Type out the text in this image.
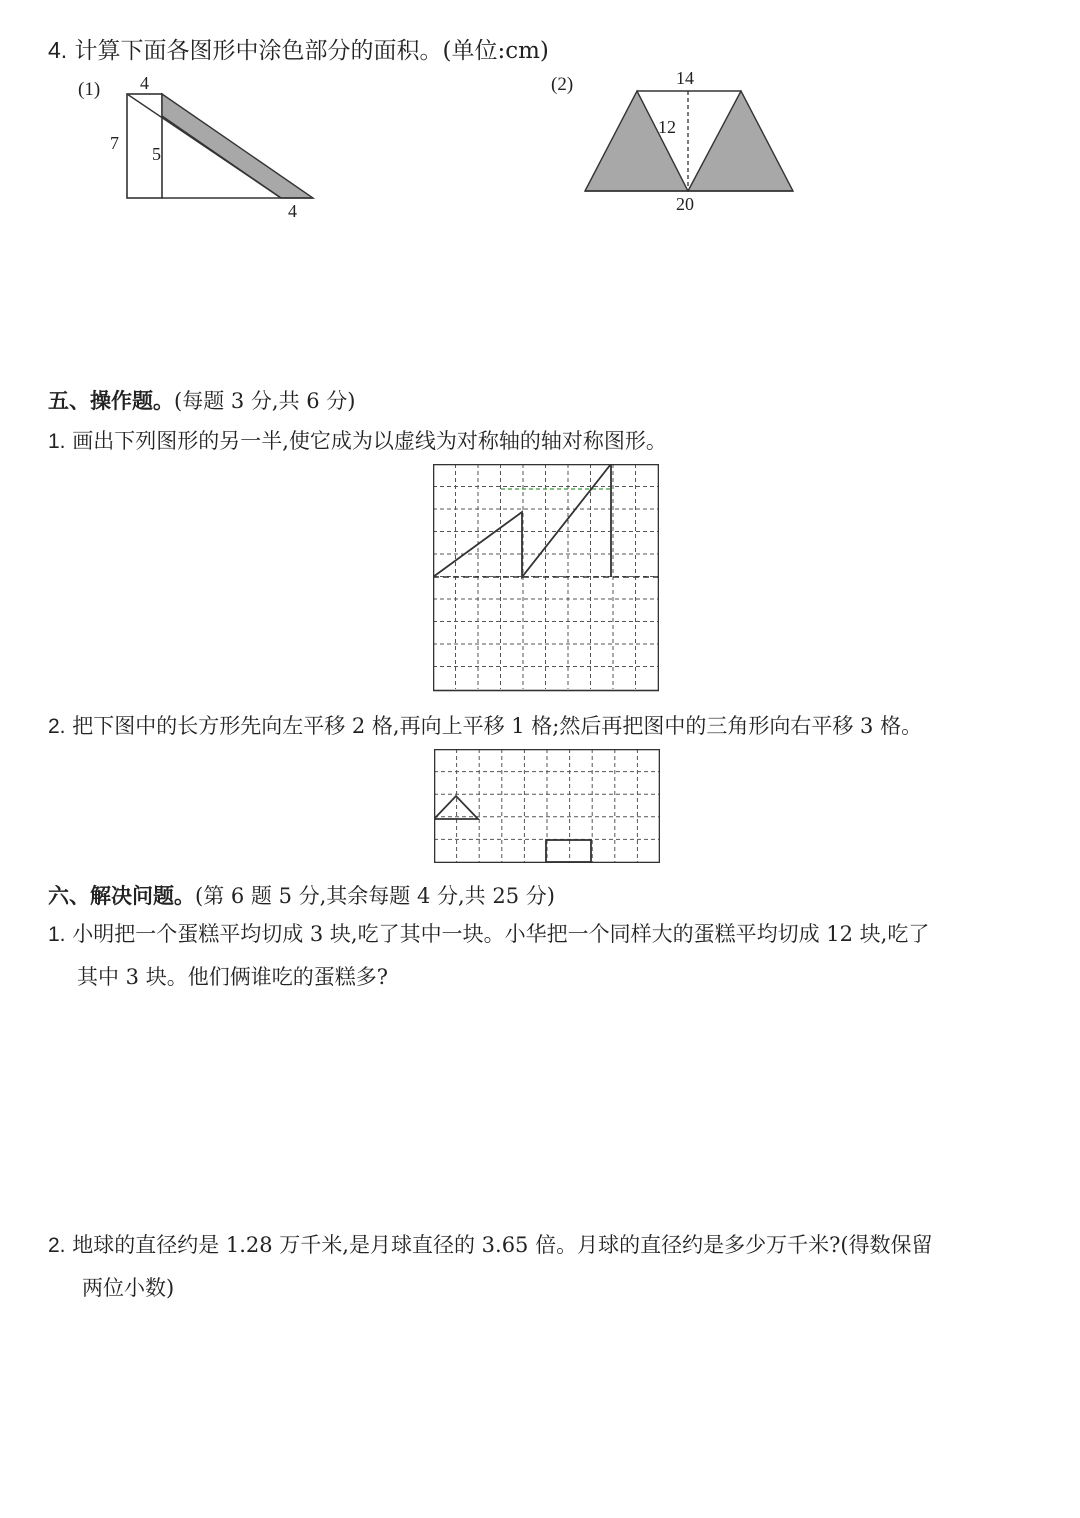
4. 计算下面各图形中涂色部分的面积。(单位:cm)
(1) 4
7
5
4
(2)	14
12
20
五、操作题。(每题 3 分,共 6 分)
1. 画出下列图形的另一半,使它成为以虚线为对称轴的轴对称图形。
2. 把下图中的长方形先向左平移 2 格,再向上平移 1 格;然后再把图中的三角形向右平移 3 格。
六、解决问题。(第 6 题 5 分,其余每题 4 分,共 25 分)
1. 小明把一个蛋糕平均切成 3 块,吃了其中一块。小华把一个同样大的蛋糕平均切成 12 块,吃了
其中 3 块。他们俩谁吃的蛋糕多?
2. 地球的直径约是 1.28 万千米,是月球直径的 3.65 倍。月球的直径约是多少万千米?(得数保留
两位小数)
